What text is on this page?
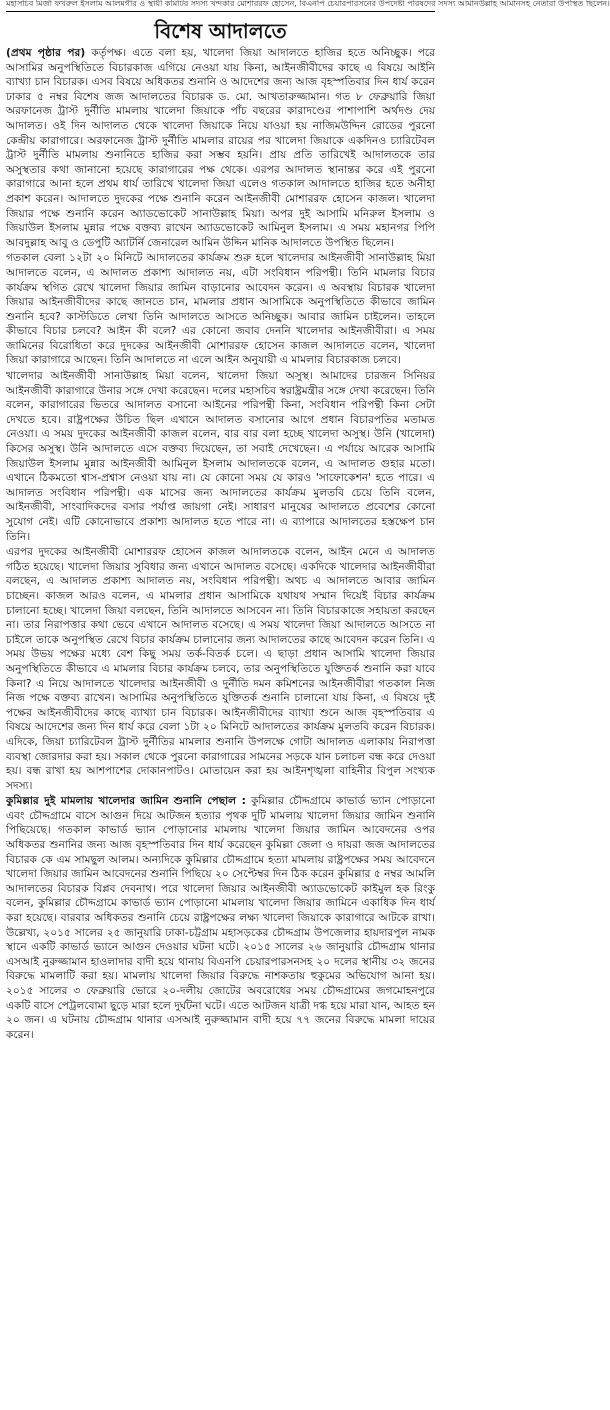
মহাসচিব মির্জা ফখরুল ইসলাম আলমগীর ও স্থায়ী কমিটির সদস্য খন্দকার মোশাররফ হোসেন, বিএনপি চেয়ারপারসনের উপদেষ্টা পরিষদের সদস্য আমানউল্লাহ আমানসহ নেতারা উপস্থিত ছিলেন।
বিশেষ আদালতে

(প্রথম পৃষ্ঠার পর) কর্তৃপক্ষ। এতে বলা হয়, খালেদা জিয়া আদালতে হাজির হতে অনিচ্ছুক। পরে আসামির অনুপস্থিতিতে বিচারকাজ এগিয়ে নেওয়া যায় কিনা, আইনজীবীদের কাছে এ বিষয়ে আইনি ব্যাখ্যা চান বিচারক। এসব বিষয়ে অধিকতর শুনানি ও আদেশের জন্য আজ বৃহস্পতিবার দিন ধার্য করেন ঢাকার ৫ নম্বর বিশেষ জজ আদালতের বিচারক ড. মো. আখতারুজ্জামান। গত ৮ ফেব্রুয়ারি জিয়া অরফানেজ ট্রাস্ট দুর্নীতি মামলায় খালেদা জিয়াকে পাঁচ বছরের কারাদণ্ডের পাশাপাশি অর্থদণ্ড দেয় আদালত। ওই দিন আদালত থেকে খালেদা জিয়াকে নিয়ে যাওয়া হয় নাজিমউদ্দিন রোডের পুরনো কেন্দ্রীয় কারাগারে। অরফানেজ ট্রাস্ট দুর্নীতি মামলার রায়ের পর খালেদা জিয়াকে একদিনও চ্যারিটেবল ট্রাস্ট দুর্নীতি মামলায় শুনানিতে হাজির করা সম্ভব হয়নি। প্রায় প্রতি তারিখেই আদালতকে তার অসুস্থতার কথা জানানো হয়েছে কারাগারের পক্ষ থেকে। এরপর আদালত স্থানান্তর করে এই পুরনো কারাগারে আনা হলে প্রথম ধার্য তারিখে খালেদা জিয়া এলেও গতকাল আদালতে হাজির হতে অনীহা প্রকাশ করেন। আদালতে দুদকের পক্ষে শুনানি করেন আইনজীবী মোশাররফ হোসেন কাজল। খালেদা জিয়ার পক্ষে শুনানি করেন অ্যাডভোকেট সানাউল্লাহ মিয়া। অপর দুই আসামি মনিরুল ইসলাম ও জিয়াউল ইসলাম মুন্নার পক্ষে বক্তব্য রাখেন অ্যাডভোকেট আমিনুল ইসলাম। এ সময় মহানগর পিপি আবদুল্লাহ আবু ও ডেপুটি অ্যাটর্নি জেনারেল আমিন উদ্দিন মানিক আদালতে উপস্থিত ছিলেন।

গতকাল বেলা ১২টা ২০ মিনিটে আদালতের কার্যক্রম শুরু হলে খালেদার আইনজীবী সানাউল্লাহ মিয়া আদালতে বলেন, এ আদালত প্রকাশ্য আদালত নয়, এটা সংবিধান পরিপন্থী। তিনি মামলার বিচার কার্যক্রম স্থগিত রেখে খালেদা জিয়ার জামিন বাড়ানোর আবেদন করেন। এ অবস্থায় বিচারক খালেদা জিয়ার আইনজীবীদের কাছে জানতে চান, মামলার প্রধান আসামিকে অনুপস্থিতিতে কীভাবে জামিন শুনানি হবে? কাস্টডিতে লেখা তিনি আদালতে আসতে অনিচ্ছুক। আবার জামিন চাইলেন। তাহলে কীভাবে বিচার চলবে? আইন কী বলে? এর কোনো জবাব দেননি খালেদার আইনজীবীরা। এ সময় জামিনের বিরোধিতা করে দুদকের আইনজীবী মোশাররফ হোসেন কাজল আদালতে বলেন, খালেদা জিয়া কারাগারে আছেন। তিনি আদালতে না এলে আইন অনুযায়ী এ মামলার বিচারকাজ চলবে।

খালেদার আইনজীবী সানাউল্লাহ মিয়া বলেন, খালেদা জিয়া অসুস্থ। আমাদের চারজন সিনিয়র আইনজীবী কারাগারে উনার সঙ্গে দেখা করেছেন। দলের মহাসচিব স্বরাষ্ট্রমন্ত্রীর সঙ্গে দেখা করেছেন। তিনি বলেন, কারাগারের ভিতরে আদালত বসানো আইনের পরিপন্থী কিনা, সংবিধান পরিপন্থী কিনা সেটা দেখতে হবে। রাষ্ট্রপক্ষের উচিত ছিল এখানে আদালত বসানোর আগে প্রধান বিচারপতির মতামত নেওয়া। এ সময় দুদকের আইনজীবী কাজল বলেন, বার বার বলা হচ্ছে খালেদা অসুস্থ। উনি (খালেদা) কিসের অসুস্থ। উনি আদালতে এসে বক্তব্য দিয়েছেন, তা সবাই দেখেছেন। এ পর্যায়ে আরেক আসামি জিয়াউল ইসলাম মুন্নার আইনজীবী আমিনুল ইসলাম আদালতকে বলেন, এ আদালত গুহার মতো। এখানে ঠিকমতো শ্বাস-প্রশ্বাস নেওয়া যায় না। যে কোনো সময় যে কারও 'সাফোকেশন' হতে পারে। এ আদালত সংবিধান পরিপন্থী। এক মাসের জন্য আদালতের কার্যক্রম মুলতবি চেয়ে তিনি বলেন, আইনজীবী, সাংবাদিকদের বসার পর্যাপ্ত জায়গা নেই। সাধারণ মানুষের আদালতে প্রবেশের কোনো সুযোগ নেই। এটি কোনোভাবে প্রকাশ্য আদালত হতে পারে না। এ ব্যাপারে আদালতের হস্তক্ষেপ চান তিনি।

এরপর দুদকের আইনজীবী মোশাররফ হোসেন কাজল আদালতকে বলেন, আইন মেনে এ আদালত গঠিত হয়েছে। খালেদা জিয়ার সুবিধার জন্য এখানে আদালত বসেছে। একদিকে খালেদার আইনজীবীরা বলছেন, এ আদালত প্রকাশ্য আদালত নয়, সংবিধান পরিপন্থী। অথচ এ আদালতে আবার জামিন চাচ্ছেন। কাজল আরও বলেন, এ মামলার প্রধান আসামিকে যথাযথ সম্মান দিয়েই বিচার কার্যক্রম চালানো হচ্ছে। খালেদা জিয়া বলছেন, তিনি আদালতে আসবেন না। তিনি বিচারকাজে সহায়তা করছেন না। তার নিরাপত্তার কথা ভেবে এখানে আদালত বসেছে। এ সময় খালেদা জিয়া আদালতে আসতে না চাইলে তাকে অনুপস্থিত রেখে বিচার কার্যক্রম চালানোর জন্য আদালতের কাছে আবেদন করেন তিনি। এ সময় উভয় পক্ষের মধ্যে বেশ কিছু সময় তর্ক-বিতর্ক চলে। এ ছাড়া প্রধান আসামি খালেদা জিয়ার অনুপস্থিতিতে কীভাবে এ মামলার বিচার কার্যক্রম চলবে, তার অনুপস্থিতিতে যুক্তিতর্ক শুনানি করা যাবে কিনা? এ নিয়ে আদালতে খালেদার আইনজীবী ও দুর্নীতি দমন কমিশনের আইনজীবীরা গতকাল নিজ নিজ পক্ষে বক্তব্য রাখেন। আসামির অনুপস্থিতিতে যুক্তিতর্ক শুনানি চালানো যায় কিনা, এ বিষয়ে দুই পক্ষের আইনজীবীদের কাছে ব্যাখ্যা চান বিচারক। আইনজীবীদের ব্যাখ্যা শুনে আজ বৃহস্পতিবার এ বিষয়ে আদেশের জন্য দিন ধার্য করে বেলা ১টা ২০ মিনিটে আদালতের কার্যক্রম মুলতবি করেন বিচারক। এদিকে, জিয়া চ্যারিটেবল ট্রাস্ট দুর্নীতির মামলার শুনানি উপলক্ষে গোটা আদালত এলাকায় নিরাপত্তা ব্যবস্থা জোরদার করা হয়। সকাল থেকে পুরনো কারাগারের সামনের সড়কে যান চলাচল বন্ধ করে দেওয়া হয়। বন্ধ রাখা হয় আশপাশের দোকানপাটও। মোতায়েন করা হয় আইনশৃঙ্খলা বাহিনীর বিপুল সংখ্যক সদস্য।

কুমিল্লার দুই মামলায় খালেদার জামিন শুনানি পেছাল : কুমিল্লার চৌদ্দগ্রামে কাভার্ড ভ্যান পোড়ানো এবং চৌদ্দগ্রামে বাসে আগুন দিয়ে আটজন হত্যার পৃথক দুটি মামলায় খালেদা জিয়ার জামিন শুনানি পিছিয়েছে। গতকাল কাভার্ড ভ্যান পোড়ানোর মামলায় খালেদা জিয়ার জামিন আবেদনের ওপর অধিকতর শুনানির জন্য আজ বৃহস্পতিবার দিন ধার্য করেছেন কুমিল্লা জেলা ও দায়রা জজ আদালতের বিচারক কে এম সামছুল আলম। অন্যদিকে কুমিল্লার চৌদ্দগ্রামে হত্যা মামলায় রাষ্ট্রপক্ষের সময় আবেদনে খালেদা জিয়ার জামিন আবেদনের শুনানি পিছিয়ে ২০ সেপ্টেম্বর দিন ঠিক করেন কুমিল্লার ৫ নম্বর আমলি আদালতের বিচারক বিপ্লব দেবনাথ। পরে খালেদা জিয়ার আইনজীবী অ্যাডভোকেট কাইমুল হক রিংকু বলেন, কুমিল্লার চৌদ্দগ্রামে কাভার্ড ভ্যান পোড়ানো মামলায় খালেদা জিয়ার জামিনে একাধিক দিন ধার্য করা হয়েছে। বারবার অধিকতর শুনানি চেয়ে রাষ্ট্রপক্ষের লক্ষ্য খালেদা জিয়াকে কারাগারে আটকে রাখা। উল্লেখ্য, ২০১৫ সালের ২৫ জানুয়ারি ঢাকা-চট্টগ্রাম মহাসড়কের চৌদ্দগ্রাম উপজেলার হায়দারপুল নামক স্থানে একটি কাভার্ড ভ্যানে আগুন দেওয়ার ঘটনা ঘটে। ২০১৫ সালের ২৬ জানুয়ারি চৌদ্দগ্রাম থানার এসআই নুরুজ্জামান হাওলাদার বাদী হয়ে থানায় বিএনপি চেয়ারপারসনসহ ২০ দলের স্থানীয় ৩২ জনের বিরুদ্ধে মামলাটি করা হয়। মামলায় খালেদা জিয়ার বিরুদ্ধে নাশকতায় হুকুমের অভিযোগ আনা হয়। ২০১৫ সালের ৩ ফেব্রুয়ারি ভোরে ২০-দলীয় জোটের অবরোধের সময় চৌদ্দগ্রামের জগমোহনপুরে একটি বাসে পেট্রলবোমা ছুড়ে মারা হলে দুর্ঘটনা ঘটে। এতে আটজন যাত্রী দগ্ধ হয়ে মারা যান, আহত হন ২০ জন। এ ঘটনায় চৌদ্দগ্রাম থানার এসআই নুরুজ্জামান বাদী হয়ে ৭৭ জনের বিরুদ্ধে মামলা দায়ের করেন।
